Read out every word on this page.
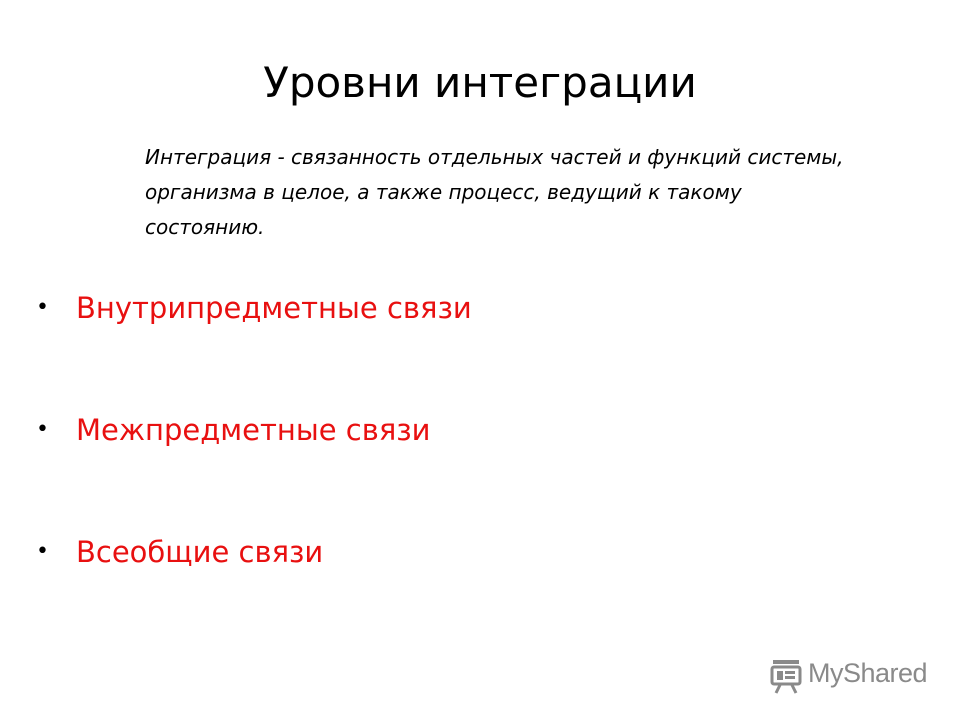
Уровни интеграции

Интеграция - связанность отдельных частей и функций системы, организма в целое, а также процесс, ведущий к такому состоянию.

• Внутрипредметные связи
• Межпредметные связи
• Всеобщие связи
MyShared
